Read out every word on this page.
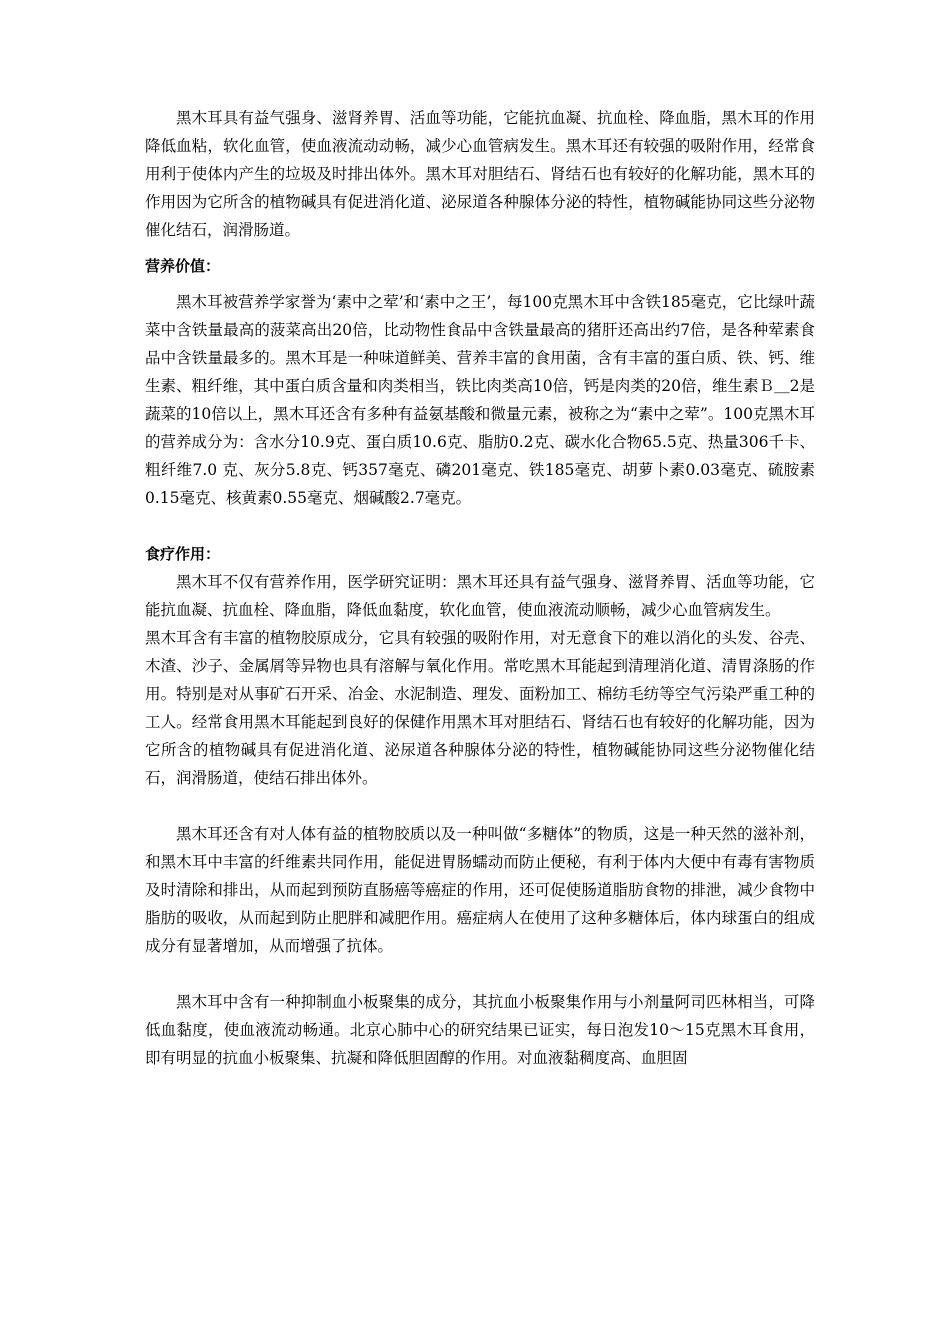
黑木耳具有益气强身、滋肾养胃、活血等功能，它能抗血凝、抗血栓、降血脂，黑木耳的作用降低血粘，软化血管，使血液流动动畅，减少心血管病发生。黑木耳还有较强的吸附作用，经常食用利于使体内产生的垃圾及时排出体外。黑木耳对胆结石、肾结石也有较好的化解功能，黑木耳的作用因为它所含的植物碱具有促进消化道、泌尿道各种腺体分泌的特性，植物碱能协同这些分泌物催化结石，润滑肠道。

营养价值：

黑木耳被营养学家誉为‘素中之荤’和‘素中之王’，每100克黑木耳中含铁185毫克，它比绿叶蔬菜中含铁量最高的菠菜高出20倍，比动物性食品中含铁量最高的猪肝还高出约7倍，是各种荤素食品中含铁量最多的。黑木耳是一种味道鲜美、营养丰富的食用菌，含有丰富的蛋白质、铁、钙、维生素、粗纤维，其中蛋白质含量和肉类相当，铁比肉类高10倍，钙是肉类的20倍，维生素Ｂ＿2是蔬菜的10倍以上，黑木耳还含有多种有益氨基酸和微量元素，被称之为“素中之荤”。100克黑木耳的营养成分为：含水分10.9克、蛋白质10.6克、脂肪0.2克、碳水化合物65.5克、热量306千卡、粗纤维7.0 克、灰分5.8克、钙357毫克、磷201毫克、铁185毫克、胡萝卜素0.03毫克、硫胺素0.15毫克、核黄素0.55毫克、烟碱酸2.7毫克。

食疗作用：

黑木耳不仅有营养作用，医学研究证明：黑木耳还具有益气强身、滋肾养胃、活血等功能，它能抗血凝、抗血栓、降血脂，降低血黏度，软化血管，使血液流动顺畅，减少心血管病发生。

黑木耳含有丰富的植物胶原成分，它具有较强的吸附作用，对无意食下的难以消化的头发、谷壳、木渣、沙子、金属屑等异物也具有溶解与氧化作用。常吃黑木耳能起到清理消化道、清胃涤肠的作用。特别是对从事矿石开采、冶金、水泥制造、理发、面粉加工、棉纺毛纺等空气污染严重工种的工人。经常食用黑木耳能起到良好的保健作用黑木耳对胆结石、肾结石也有较好的化解功能，因为它所含的植物碱具有促进消化道、泌尿道各种腺体分泌的特性，植物碱能协同这些分泌物催化结石，润滑肠道，使结石排出体外。

黑木耳还含有对人体有益的植物胶质以及一种叫做“多糖体”的物质，这是一种天然的滋补剂，和黑木耳中丰富的纤维素共同作用，能促进胃肠蠕动而防止便秘，有利于体内大便中有毒有害物质及时清除和排出，从而起到预防直肠癌等癌症的作用，还可促使肠道脂肪食物的排泄，减少食物中脂肪的吸收，从而起到防止肥胖和减肥作用。癌症病人在使用了这种多糖体后，体内球蛋白的组成成分有显著增加，从而增强了抗体。

黑木耳中含有一种抑制血小板聚集的成分，其抗血小板聚集作用与小剂量阿司匹林相当，可降低血黏度，使血液流动畅通。北京心肺中心的研究结果已证实，每日泡发10～15克黑木耳食用，即有明显的抗血小板聚集、抗凝和降低胆固醇的作用。对血液黏稠度高、血胆固
